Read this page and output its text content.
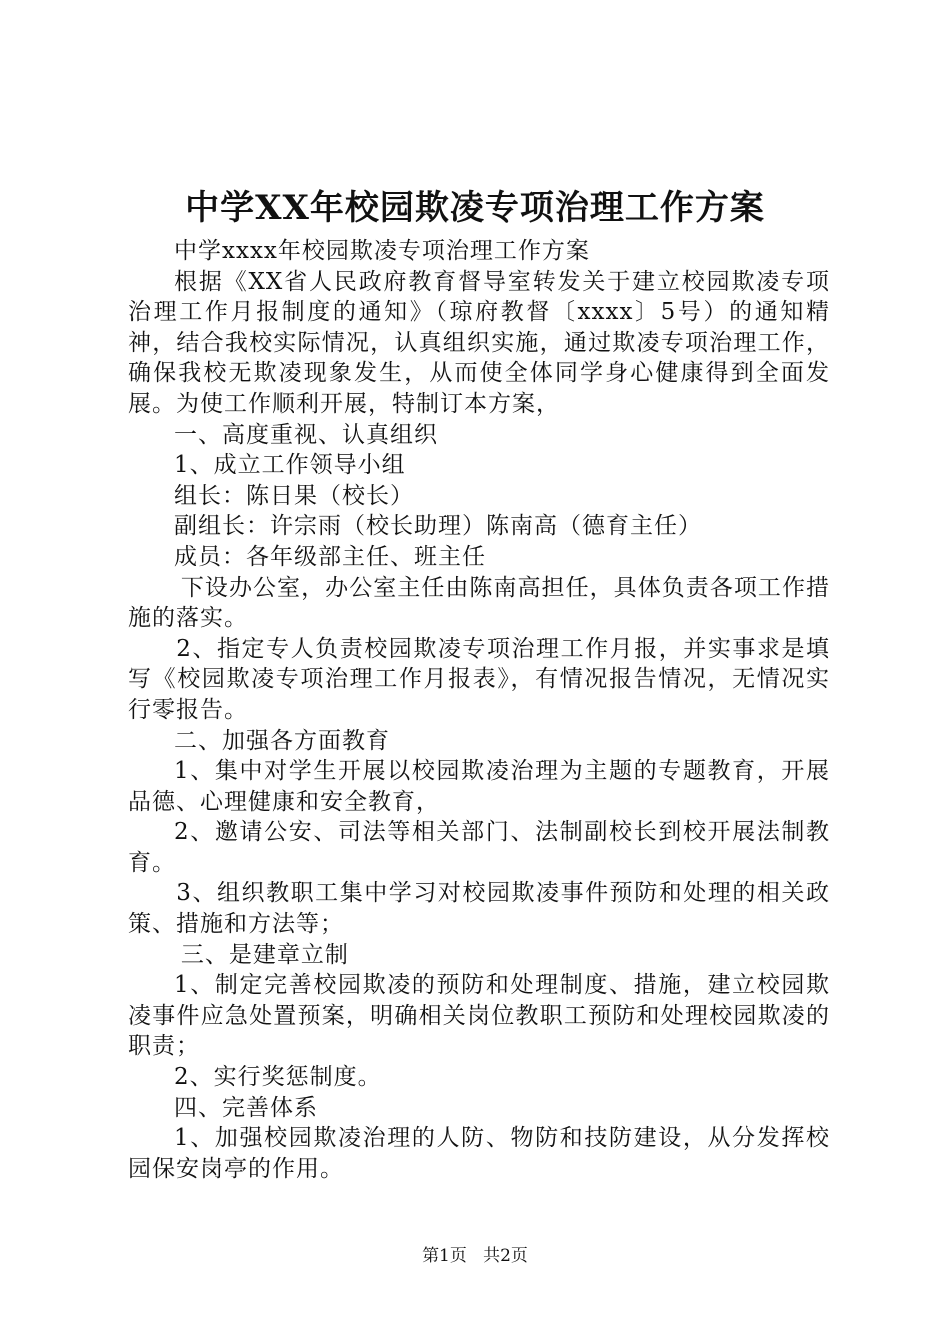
中学XX年校园欺凌专项治理工作方案

中学xxxx年校园欺凌专项治理工作方案

根据《XX省人民政府教育督导室转发关于建立校园欺凌专项治理工作月报制度的通知》（琼府教督〔xxxx〕5号）的通知精神，结合我校实际情况，认真组织实施，通过欺凌专项治理工作，确保我校无欺凌现象发生，从而使全体同学身心健康得到全面发展。为使工作顺利开展，特制订本方案，

一、高度重视、认真组织

1、成立工作领导小组

组长：陈日果（校长）

副组长：许宗雨（校长助理）陈南高（德育主任）

成员：各年级部主任、班主任

下设办公室，办公室主任由陈南高担任，具体负责各项工作措施的落实。

2、指定专人负责校园欺凌专项治理工作月报，并实事求是填写《校园欺凌专项治理工作月报表》，有情况报告情况，无情况实行零报告。

二、加强各方面教育

1、集中对学生开展以校园欺凌治理为主题的专题教育，开展品德、心理健康和安全教育，

2、邀请公安、司法等相关部门、法制副校长到校开展法制教育。

3、组织教职工集中学习对校园欺凌事件预防和处理的相关政策、措施和方法等；

三、是建章立制

1、制定完善校园欺凌的预防和处理制度、措施，建立校园欺凌事件应急处置预案，明确相关岗位教职工预防和处理校园欺凌的职责；

2、实行奖惩制度。

四、完善体系

1、加强校园欺凌治理的人防、物防和技防建设，从分发挥校园保安岗亭的作用。

第1页 共2页
